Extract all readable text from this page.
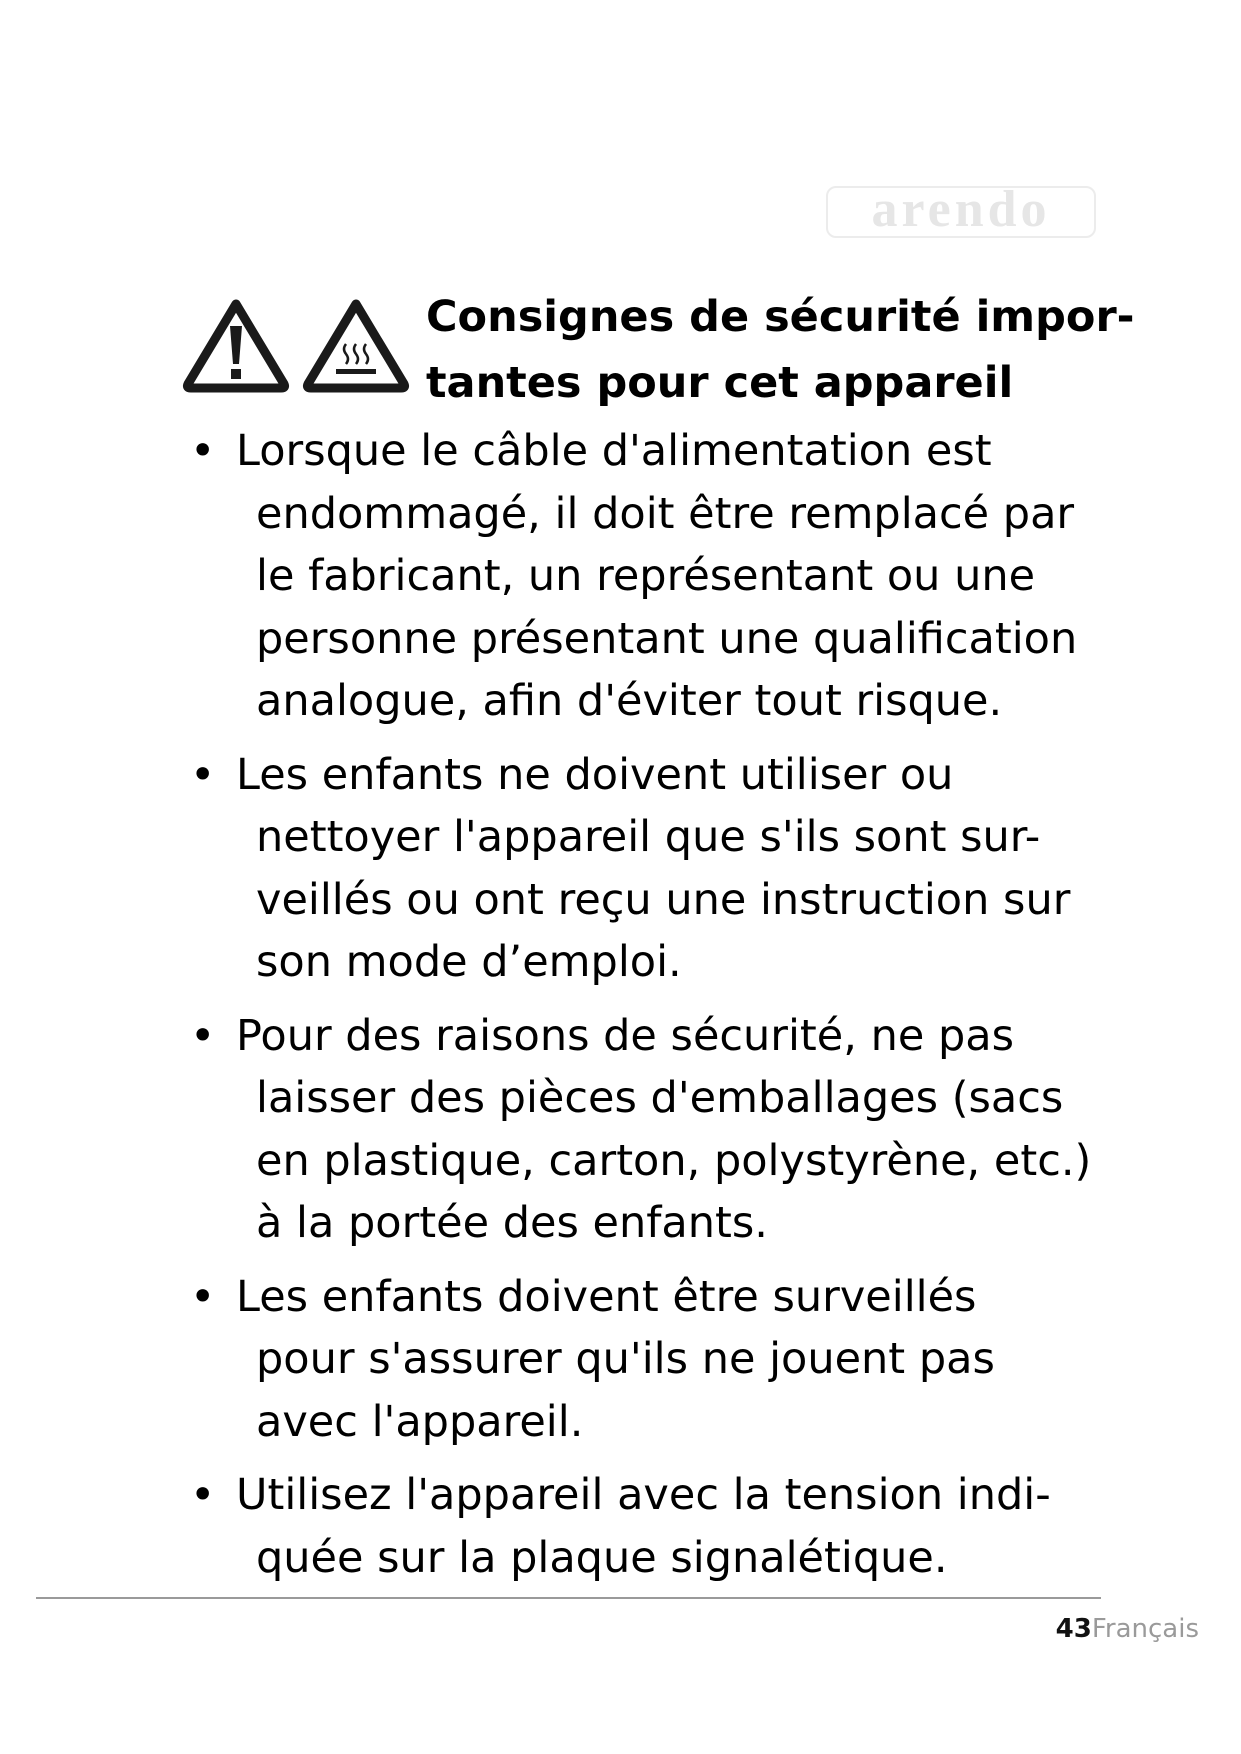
arendo
Consignes de sécurité impor-
tantes pour cet appareil
• Lorsque le câble d'alimentation est
endommagé, il doit être remplacé par
le fabricant, un représentant ou une
personne présentant une qualification
analogue, afin d'éviter tout risque.
• Les enfants ne doivent utiliser ou
nettoyer l'appareil que s'ils sont sur-
veillés ou ont reçu une instruction sur
son mode d’emploi.
• Pour des raisons de sécurité, ne pas
laisser des pièces d'emballages (sacs
en plastique, carton, polystyrène, etc.)
à la portée des enfants.
• Les enfants doivent être surveillés
pour s'assurer qu'ils ne jouent pas
avec l'appareil.
• Utilisez l'appareil avec la tension indi-
quée sur la plaque signalétique.
43Français
